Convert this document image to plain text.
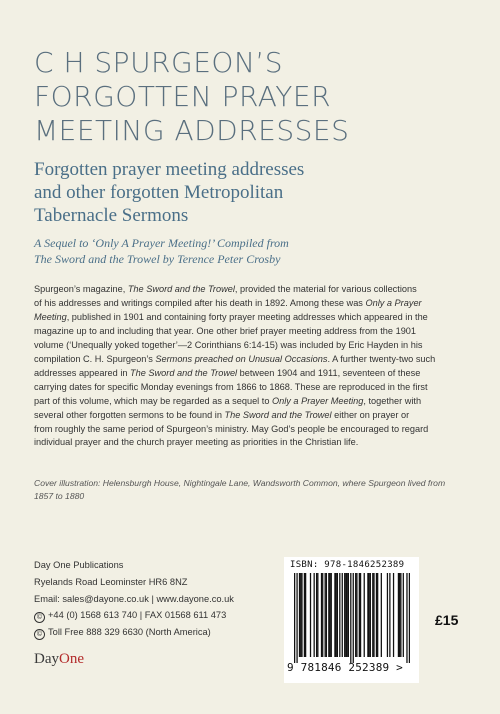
C H SPURGEON’S
FORGOTTEN PRAYER
MEETING ADDRESSES
Forgotten prayer meeting addresses
and other forgotten Metropolitan
Tabernacle Sermons
A Sequel to ‘Only A Prayer Meeting!’ Compiled from
The Sword and the Trowel by Terence Peter Crosby
Spurgeon’s magazine, The Sword and the Trowel, provided the material for various collections
of his addresses and writings compiled after his death in 1892. Among these was Only a Prayer
Meeting, published in 1901 and containing forty prayer meeting addresses which appeared in the
magazine up to and including that year. One other brief prayer meeting address from the 1901
volume (‘Unequally yoked together’—2 Corinthians 6:14-15) was included by Eric Hayden in his
compilation C. H. Spurgeon’s Sermons preached on Unusual Occasions. A further twenty-two such
addresses appeared in The Sword and the Trowel between 1904 and 1911, seventeen of these
carrying dates for specific Monday evenings from 1866 to 1868. These are reproduced in the first
part of this volume, which may be regarded as a sequel to Only a Prayer Meeting, together with
several other forgotten sermons to be found in The Sword and the Trowel either on prayer or
from roughly the same period of Spurgeon’s ministry. May God’s people be encouraged to regard
individual prayer and the church prayer meeting as priorities in the Christian life.
Cover illustration: Helensburgh House, Nightingale Lane, Wandsworth Common, where Spurgeon lived from
1857 to 1880
Day One Publications
Ryelands Road Leominster HR6 8NZ
Email: sales@dayone.co.uk | www.dayone.co.uk
© +44 (0) 1568 613 740 | FAX 01568 611 473
© Toll Free 888 329 6630 (North America)
DayOne
ISBN: 978-1846252389
9 781846 252389 >
£15
